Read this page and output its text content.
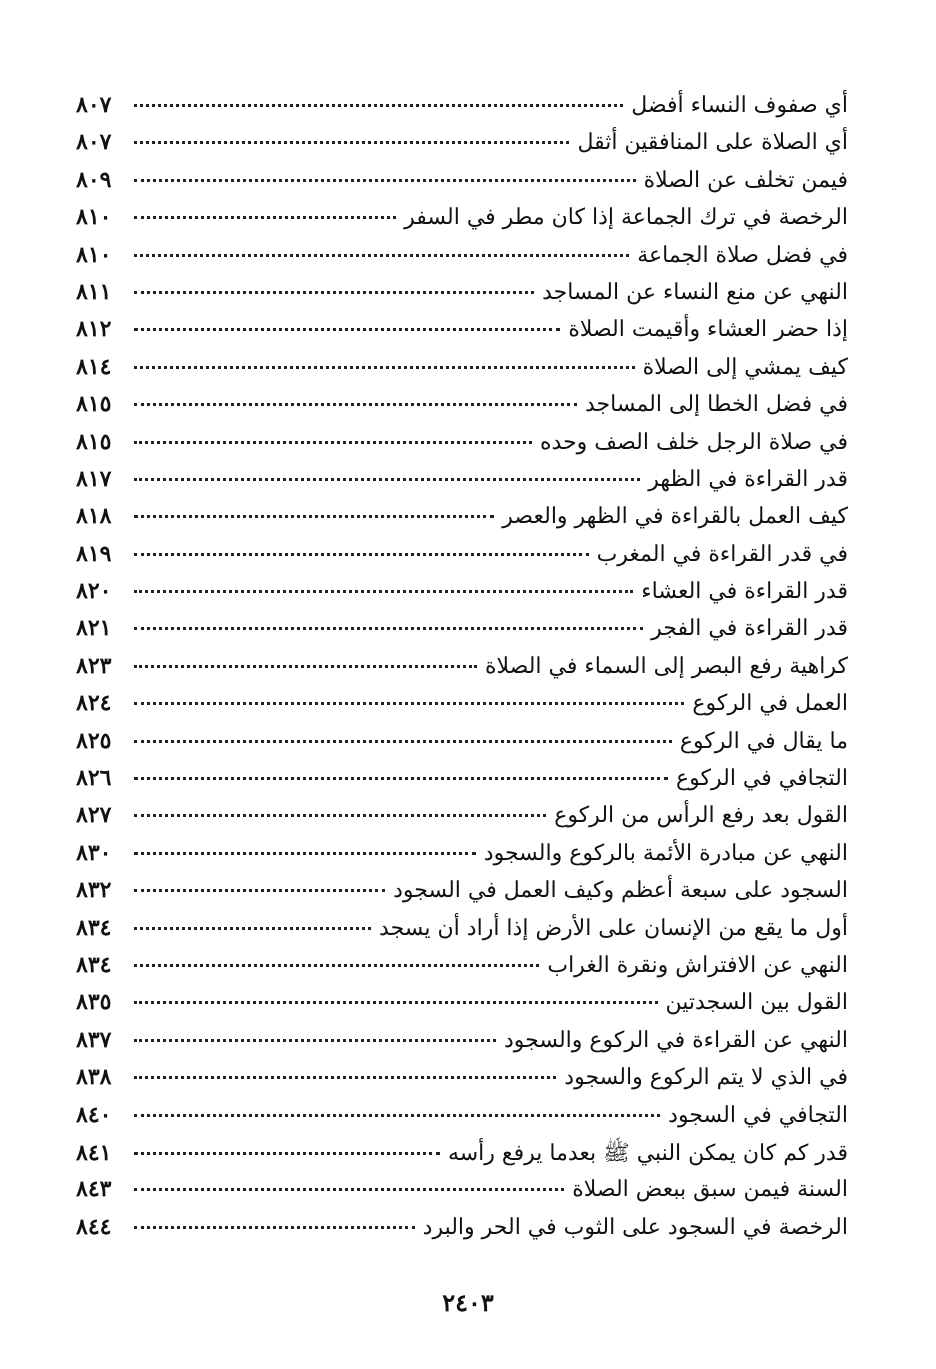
أي صفوف النساء أفضل
٨٠٧
أي الصلاة على المنافقين أثقل
٨٠٧
فيمن تخلف عن الصلاة
٨٠٩
الرخصة في ترك الجماعة إذا كان مطر في السفر
٨١٠
في فضل صلاة الجماعة
٨١٠
النهي عن منع النساء عن المساجد
٨١١
إذا حضر العشاء وأقيمت الصلاة
٨١٢
كيف يمشي إلى الصلاة
٨١٤
في فضل الخطا إلى المساجد
٨١٥
في صلاة الرجل خلف الصف وحده
٨١٥
قدر القراءة في الظهر
٨١٧
كيف العمل بالقراءة في الظهر والعصر
٨١٨
في قدر القراءة في المغرب
٨١٩
قدر القراءة في العشاء
٨٢٠
قدر القراءة في الفجر
٨٢١
كراهية رفع البصر إلى السماء في الصلاة
٨٢٣
العمل في الركوع
٨٢٤
ما يقال في الركوع
٨٢٥
التجافي في الركوع
٨٢٦
القول بعد رفع الرأس من الركوع
٨٢٧
النهي عن مبادرة الأئمة بالركوع والسجود
٨٣٠
السجود على سبعة أعظم وكيف العمل في السجود
٨٣٢
أول ما يقع من الإنسان على الأرض إذا أراد أن يسجد
٨٣٤
النهي عن الافتراش ونقرة الغراب
٨٣٤
القول بين السجدتين
٨٣٥
النهي عن القراءة في الركوع والسجود
٨٣٧
في الذي لا يتم الركوع والسجود
٨٣٨
التجافي في السجود
٨٤٠
قدر كم كان يمكن النبي ﷺ بعدما يرفع رأسه
٨٤١
السنة فيمن سبق ببعض الصلاة
٨٤٣
الرخصة في السجود على الثوب في الحر والبرد
٨٤٤
٢٤٠٣
